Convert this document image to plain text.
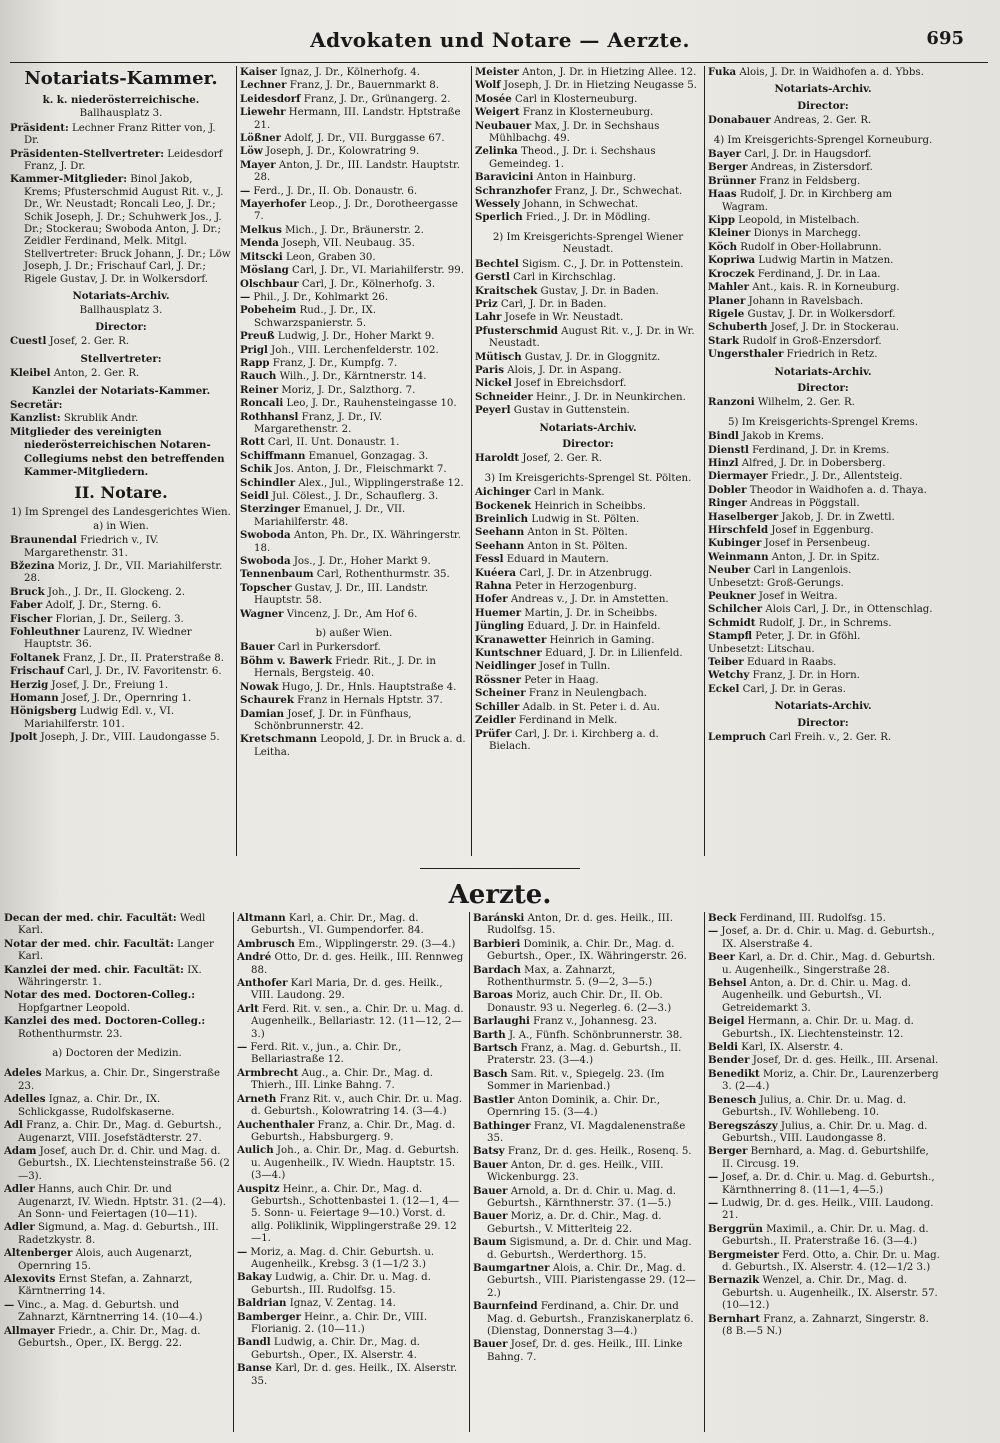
Advokaten und Notare — Aerzte.	695
Notariats-Kammer.
k. k. niederösterreichische.
Ballhausplatz 3.
Präsident: Lechner Franz Ritter von, J. Dr.
Präsidenten-Stellvertreter: Leidesdorf Franz, J. Dr.
Kammer-Mitglieder: Binol Jakob, Krems; Pfusterschmid August Rit. v., J. Dr., Wr. Neustadt; Roncali Leo, J. Dr.; Schik Joseph, J. Dr.; Schuhwerk Jos., J. Dr.; Stockerau; Swoboda Anton, J. Dr.; Zeidler Ferdinand, Melk. Mitgl. Stellvertreter: Bruck Johann, J. Dr.; Löw Joseph, J. Dr.; Frischauf Carl, J. Dr.; Rigele Gustav, J. Dr. in Wolkersdorf.
Notariats-Archiv.
Ballhausplatz 3.
Director:
Cuestl Josef, 2. Ger. R.
Stellvertreter:
Kleibel Anton, 2. Ger. R.
Kanzlei der Notariats-Kammer.
Secretär:
Kanzlist: Skrublik Andr.
Mitglieder des vereinigten niederösterreichischen Notaren-Collegiums nebst den betreffenden Kammer-Mitgliedern.
II. Notare.
1) Im Sprengel des Landesgerichtes Wien.
a) in Wien.
Braunendal Friedrich v., IV. Margarethenstr. 31.
Bžezina Moriz, J. Dr., VII. Mariahilferstr. 28.
Bruck Joh., J. Dr., II. Glockeng. 2.
Faber Adolf, J. Dr., Sterng. 6.
Fischer Florian, J. Dr., Seilerg. 3.
Fohleuthner Laurenz, IV. Wiedner Hauptstr. 36.
Foltanek Franz, J. Dr., II. Praterstraße 8.
Frischauf Carl, J. Dr., IV. Favoritenstr. 6.
Herzig Josef, J. Dr., Freiung 1.
Homann Josef, J. Dr., Opernring 1.
Hönigsberg Ludwig Edl. v., VI. Mariahilferstr. 101.
Jpolt Joseph, J. Dr., VIII. Laudongasse 5.
Kaiser Ignaz, J. Dr., Kölnerhofg. 4.
Lechner Franz, J. Dr., Bauernmarkt 8.
Leidesdorf Franz, J. Dr., Grünangerg. 2.
Liewehr Hermann, III. Landstr. Hptstraße 21.
Lößner Adolf, J. Dr., VII. Burggasse 67.
Löw Joseph, J. Dr., Kolowratring 9.
Mayer Anton, J. Dr., III. Landstr. Hauptstr. 28.
— Ferd., J. Dr., II. Ob. Donaustr. 6.
Mayerhofer Leop., J. Dr., Dorotheergasse 7.
Melkus Mich., J. Dr., Bräunerstr. 2.
Menda Joseph, VII. Neubaug. 35.
Mitscki Leon, Graben 30.
Möslang Carl, J. Dr., VI. Mariahilferstr. 99.
Olschbaur Carl, J. Dr., Kölnerhofg. 3.
— Phil., J. Dr., Kohlmarkt 26.
Pobeheim Rud., J. Dr., IX. Schwarzspanierstr. 5.
Preuß Ludwig, J. Dr., Hoher Markt 9.
Prigl Joh., VIII. Lerchenfelderstr. 102.
Rapp Franz, J. Dr., Kumpfg. 7.
Rauch Wilh., J. Dr., Kärntnerstr. 14.
Reiner Moriz, J. Dr., Salzthorg. 7.
Roncali Leo, J. Dr., Rauhensteingasse 10.
Rothhansl Franz, J. Dr., IV. Margarethenstr. 2.
Rott Carl, II. Unt. Donaustr. 1.
Schiffmann Emanuel, Gonzagag. 3.
Schik Jos. Anton, J. Dr., Fleischmarkt 7.
Schindler Alex., Jul., Wipplingerstraße 12.
Seidl Jul. Cölest., J. Dr., Schauflerg. 3.
Sterzinger Emanuel, J. Dr., VII. Mariahilferstr. 48.
Swoboda Anton, Ph. Dr., IX. Währingerstr. 18.
Swoboda Jos., J. Dr., Hoher Markt 9.
Tennenbaum Carl, Rothenthurmstr. 35.
Topscher Gustav, J. Dr., III. Landstr. Hauptstr. 58.
Wagner Vincenz, J. Dr., Am Hof 6.
b) außer Wien.
Bauer Carl in Purkersdorf.
Böhm v. Bawerk Friedr. Rit., J. Dr. in Hernals, Bergsteig. 40.
Nowak Hugo, J. Dr., Hnls. Hauptstraße 4.
Schaurek Franz in Hernals Hptstr. 37.
Damian Josef, J. Dr. in Fünfhaus, Schönbrunnerstr. 42.
Kretschmann Leopold, J. Dr. in Bruck a. d. Leitha.
Meister Anton, J. Dr. in Hietzing Allee. 12.
Wolf Joseph, J. Dr. in Hietzing Neugasse 5.
Mosée Carl in Klosterneuburg.
Weigert Franz in Klosterneuburg.
Neubauer Max, J. Dr. in Sechshaus Mühlbachg. 49.
Zelinka Theod., J. Dr. i. Sechshaus Gemeindeg. 1.
Baravicini Anton in Hainburg.
Schranzhofer Franz, J. Dr., Schwechat.
Wessely Johann, in Schwechat.
Sperlich Fried., J. Dr. in Mödling.
2) Im Kreisgerichts-Sprengel Wiener Neustadt.
Bechtel Sigism. C., J. Dr. in Pottenstein.
Gerstl Carl in Kirchschlag.
Kraitschek Gustav, J. Dr. in Baden.
Priz Carl, J. Dr. in Baden.
Lahr Josefe in Wr. Neustadt.
Pfusterschmid August Rit. v., J. Dr. in Wr. Neustadt.
Mütisch Gustav, J. Dr. in Gloggnitz.
Paris Alois, J. Dr. in Aspang.
Nickel Josef in Ebreichsdorf.
Schneider Heinr., J. Dr. in Neunkirchen.
Peyerl Gustav in Guttenstein.
Notariats-Archiv.
Director:
Haroldt Josef, 2. Ger. R.
3) Im Kreisgerichts-Sprengel St. Pölten.
Aichinger Carl in Mank.
Bockenek Heinrich in Scheibbs.
Breinlich Ludwig in St. Pölten.
Seehann Anton in St. Pölten.
Seehann Anton in St. Pölten.
Fessl Eduard in Mautern.
Kuéera Carl, J. Dr. in Atzenbrugg.
Rahna Peter in Herzogenburg.
Hofer Andreas v., J. Dr. in Amstetten.
Huemer Martin, J. Dr. in Scheibbs.
Jüngling Eduard, J. Dr. in Hainfeld.
Kranawetter Heinrich in Gaming.
Kuntschner Eduard, J. Dr. in Lilienfeld.
Neidlinger Josef in Tulln.
Rössner Peter in Haag.
Scheiner Franz in Neulengbach.
Schiller Adalb. in St. Peter i. d. Au.
Zeidler Ferdinand in Melk.
Prüfer Carl, J. Dr. i. Kirchberg a. d. Bielach.
Fuka Alois, J. Dr. in Waidhofen a. d. Ybbs.
Notariats-Archiv.
Director:
Donabauer Andreas, 2. Ger. R.
4) Im Kreisgerichts-Sprengel Korneuburg.
Bayer Carl, J. Dr. in Haugsdorf.
Berger Andreas, in Zistersdorf.
Brünner Franz in Feldsberg.
Haas Rudolf, J. Dr. in Kirchberg am Wagram.
Kipp Leopold, in Mistelbach.
Kleiner Dionys in Marchegg.
Köch Rudolf in Ober-Hollabrunn.
Kopriwa Ludwig Martin in Matzen.
Kroczek Ferdinand, J. Dr. in Laa.
Mahler Ant., kais. R. in Korneuburg.
Planer Johann in Ravelsbach.
Rigele Gustav, J. Dr. in Wolkersdorf.
Schuberth Josef, J. Dr. in Stockerau.
Stark Rudolf in Groß-Enzersdorf.
Ungersthaler Friedrich in Retz.
Notariats-Archiv.
Director:
Ranzoni Wilhelm, 2. Ger. R.
5) Im Kreisgerichts-Sprengel Krems.
Bindl Jakob in Krems.
Dienstl Ferdinand, J. Dr. in Krems.
Hinzl Alfred, J. Dr. in Dobersberg.
Diermayer Friedr., J. Dr., Allentsteig.
Dobler Theodor in Waidhofen a. d. Thaya.
Ringer Andreas in Pöggstall.
Haselberger Jakob, J. Dr. in Zwettl.
Hirschfeld Josef in Eggenburg.
Kubinger Josef in Persenbeug.
Weinmann Anton, J. Dr. in Spitz.
Neuber Carl in Langenlois.
Unbesetzt: Groß-Gerungs.
Peukner Josef in Weitra.
Schilcher Alois Carl, J. Dr., in Ottenschlag.
Schmidt Rudolf, J. Dr., in Schrems.
Stampfl Peter, J. Dr. in Gföhl.
Unbesetzt: Litschau.
Teiber Eduard in Raabs.
Wetchy Franz, J. Dr. in Horn.
Eckel Carl, J. Dr. in Geras.
Notariats-Archiv.
Director:
Lempruch Carl Freih. v., 2. Ger. R.
Aerzte.
Decan der med. chir. Facultät: Wedl Karl.
Notar der med. chir. Facultät: Langer Karl.
Kanzlei der med. chir. Facultät: IX. Währingerstr. 1.
Notar des med. Doctoren-Colleg.: Hopfgartner Leopold.
Kanzlei des med. Doctoren-Colleg.: Rothenthurmstr. 23.
a) Doctoren der Medizin.
Adeles Markus, a. Chir. Dr., Singerstraße 23.
Adelles Ignaz, a. Chir. Dr., IX. Schlickgasse, Rudolfskaserne.
Adl Franz, a. Chir. Dr., Mag. d. Geburtsh., Augenarzt, VIII. Josefstädterstr. 27.
Adam Josef, auch Dr. d. Chir. und Mag. d. Geburtsh., IX. Liechtensteinstraße 56. (2—3).
Adler Hanns, auch Chir. Dr. und Augenarzt, IV. Wiedn. Hptstr. 31. (2—4). An Sonn- und Feiertagen (10—11).
Adler Sigmund, a. Mag. d. Geburtsh., III. Radetzkystr. 8.
Altenberger Alois, auch Augenarzt, Opernring 15.
Alexovits Ernst Stefan, a. Zahnarzt, Kärntnerring 14.
— Vinc., a. Mag. d. Geburtsh. und Zahnarzt, Kärntnerring 14. (10—4.)
Allmayer Friedr., a. Chir. Dr., Mag. d. Geburtsh., Oper., IX. Bergg. 22.
Altmann Karl, a. Chir. Dr., Mag. d. Geburtsh., VI. Gumpendorfer. 84.
Ambrusch Em., Wipplingerstr. 29. (3—4.)
André Otto, Dr. d. ges. Heilk., III. Rennweg 88.
Anthofer Karl Maria, Dr. d. ges. Heilk., VIII. Laudong. 29.
Arlt Ferd. Rit. v. sen., a. Chir. Dr. u. Mag. d. Augenheilk., Bellariastr. 12. (11—12, 2—3.)
— Ferd. Rit. v., jun., a. Chir. Dr., Bellariastraße 12.
Armbrecht Aug., a. Chir. Dr., Mag. d. Thierh., III. Linke Bahng. 7.
Arneth Franz Rit. v., auch Chir. Dr. u. Mag. d. Geburtsh., Kolowratring 14. (3—4.)
Auchenthaler Franz, a. Chir. Dr., Mag. d. Geburtsh., Habsburgerg. 9.
Aulich Joh., a. Chir. Dr., Mag. d. Geburtsh. u. Augenheilk., IV. Wiedn. Hauptstr. 15. (3—4.)
Auspitz Heinr., a. Chir. Dr., Mag. d. Geburtsh., Schottenbastei 1. (12—1, 4—5. Sonn- u. Feiertage 9—10.) Vorst. d. allg. Poliklinik, Wipplingerstraße 29. 12—1.
— Moriz, a. Mag. d. Chir. Geburtsh. u. Augenheilk., Krebsg. 3 (1—1/2 3.)
Bakay Ludwig, a. Chir. Dr. u. Mag. d. Geburtsh., III. Rudolfsg. 15.
Baldrian Ignaz, V. Zentag. 14.
Bamberger Heinr., a. Chir. Dr., VIII. Florianig. 2. (10—11.)
Bandl Ludwig, a. Chir. Dr., Mag. d. Geburtsh., Oper., IX. Alserstr. 4.
Banse Karl, Dr. d. ges. Heilk., IX. Alserstr. 35.
Baránski Anton, Dr. d. ges. Heilk., III. Rudolfsg. 15.
Barbieri Dominik, a. Chir. Dr., Mag. d. Geburtsh., Oper., IX. Währingerstr. 26.
Bardach Max, a. Zahnarzt, Rothenthurmstr. 5. (9—2, 3—5.)
Baroas Moriz, auch Chir. Dr., II. Ob. Donaustr. 93 u. Negerleg. 6. (2—3.)
Barlaughi Franz v., Johannesg. 23.
Barth J. A., Fünfh. Schönbrunnerstr. 38.
Bartsch Franz, a. Mag. d. Geburtsh., II. Praterstr. 23. (3—4.)
Basch Sam. Rit. v., Spiegelg. 23. (Im Sommer in Marienbad.)
Bastler Anton Dominik, a. Chir. Dr., Opernring 15. (3—4.)
Bathinger Franz, VI. Magdalenenstraße 35.
Batsy Franz, Dr. d. ges. Heilk., Rosenq. 5.
Bauer Anton, Dr. d. ges. Heilk., VIII. Wickenburgg. 23.
Bauer Arnold, a. Dr. d. Chir. u. Mag. d. Geburtsh., Kärnthnerstr. 37. (1—5.)
Bauer Moriz, a. Dr. d. Chir., Mag. d. Geburtsh., V. Mitterlteig 22.
Baum Sigismund, a. Dr. d. Chir. und Mag. d. Geburtsh., Werderthorg. 15.
Baumgartner Alois, a. Chir. Dr., Mag. d. Geburtsh., VIII. Piaristengasse 29. (12—2.)
Baurnfeind Ferdinand, a. Chir. Dr. und Mag. d. Geburtsh., Franziskanerplatz 6. (Dienstag, Donnerstag 3—4.)
Bauer Josef, Dr. d. ges. Heilk., III. Linke Bahng. 7.
Beck Ferdinand, III. Rudolfsg. 15.
— Josef, a. Dr. d. Chir. u. Mag. d. Geburtsh., IX. Alserstraße 4.
Beer Karl, a. Dr. d. Chir., Mag. d. Geburtsh. u. Augenheilk., Singerstraße 28.
Behsel Anton, a. Dr. d. Chir. u. Mag. d. Augenheilk. und Geburtsh., VI. Getreidemarkt 3.
Beigel Hermann, a. Chir. Dr. u. Mag. d. Geburtsh., IX. Liechtensteinstr. 12.
Beldi Karl, IX. Alserstr. 4.
Bender Josef, Dr. d. ges. Heilk., III. Arsenal.
Benedikt Moriz, a. Chir. Dr., Laurenzerberg 3. (2—4.)
Benesch Julius, a. Chir. Dr. u. Mag. d. Geburtsh., IV. Wohllebeng. 10.
Beregszászy Julius, a. Chir. Dr. u. Mag. d. Geburtsh., VIII. Laudongasse 8.
Berger Bernhard, a. Mag. d. Geburtshilfe, II. Circusg. 19.
— Josef, a. Dr. d. Chir. u. Mag. d. Geburtsh., Kärnthnerring 8. (11—1, 4—5.)
— Ludwig, Dr. d. ges. Heilk., VIII. Laudong. 21.
Berggrün Maximil., a. Chir. Dr. u. Mag. d. Geburtsh., II. Praterstraße 16. (3—4.)
Bergmeister Ferd. Otto, a. Chir. Dr. u. Mag. d. Geburtsh., IX. Alserstr. 4. (12—1/2 3.)
Bernazik Wenzel, a. Chir. Dr., Mag. d. Geburtsh. u. Augenheilk., IX. Alserstr. 57. (10—12.)
Bernhart Franz, a. Zahnarzt, Singerstr. 8. (8 B.—5 N.)
